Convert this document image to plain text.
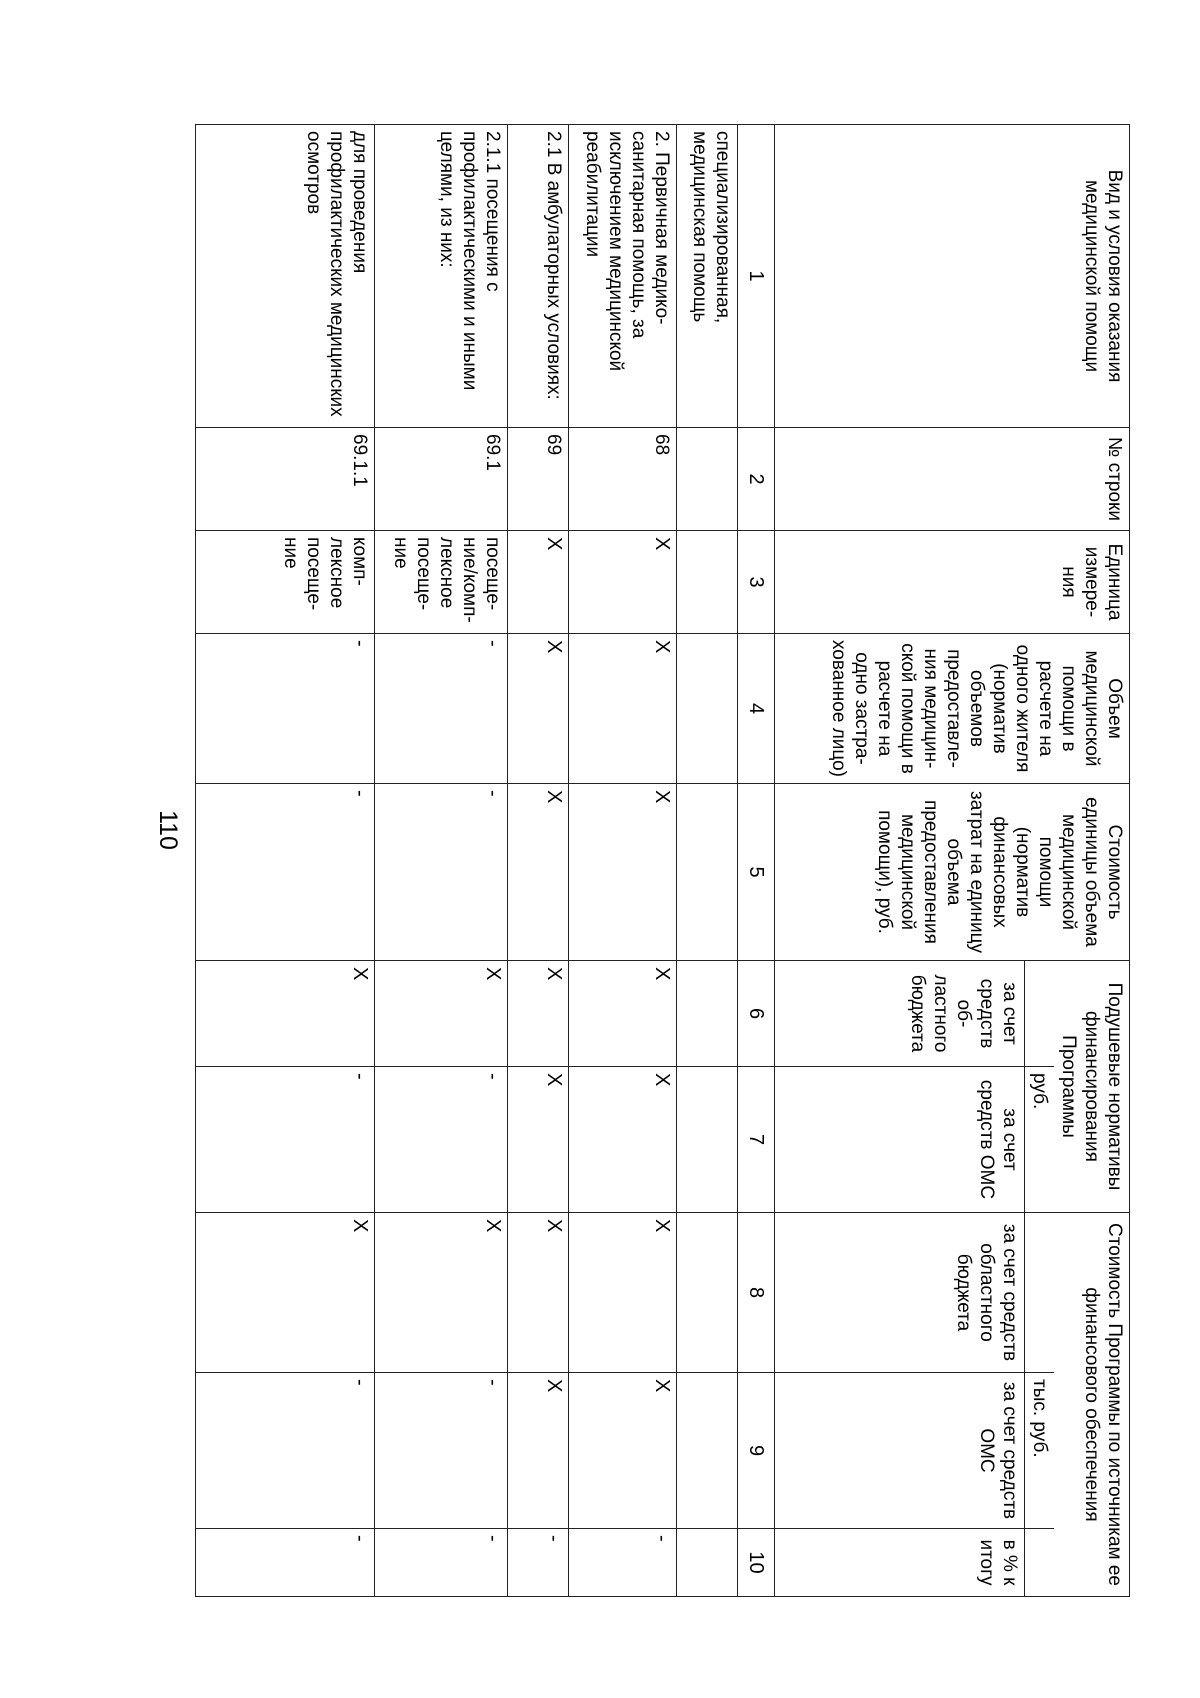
110
Вид и условия оказания медицинской помощи	№ строки	Единица измере-ния	Объем медицинской помощи в расчете на одного жителя (норматив объемов предоставле-ния медицин-ской помощи в расчете на одно застра-хованное лицо)	Стоимость единицы объема медицинской помощи (норматив финансовых затрат на единицу объема предоставления медицинской помощи), руб.	Подушевые нормативы финансирования Программы		Стоимость Программы по источникам ее финансового обеспечения		
						руб.		тыс. руб.	
					за счет средств об-ластного бюджета	за счет средств ОМС	за счет средств областного бюджета	за счет средств ОМС	в % к итогу
1	2	3	4	5	6	7	8	9	10
специализированная, медицинская помощь									
2. Первичная медико-санитарная помощь, за исключением медицинской реабилитации	68	X	X	X	X	X	X	X	-
2.1 В амбулаторных условиях:	69	X	X	X	X	X	X	X	-
2.1.1 посещения с профилактическими и иными целями, из них:	69.1	посеще-ние/комп-лексное посеще-ние	-	-	X	-	X	-	-
для проведения профилактических медицинских осмотров	69.1.1	комп-лексное посеще-ние	-	-	X	-	X	-	-
